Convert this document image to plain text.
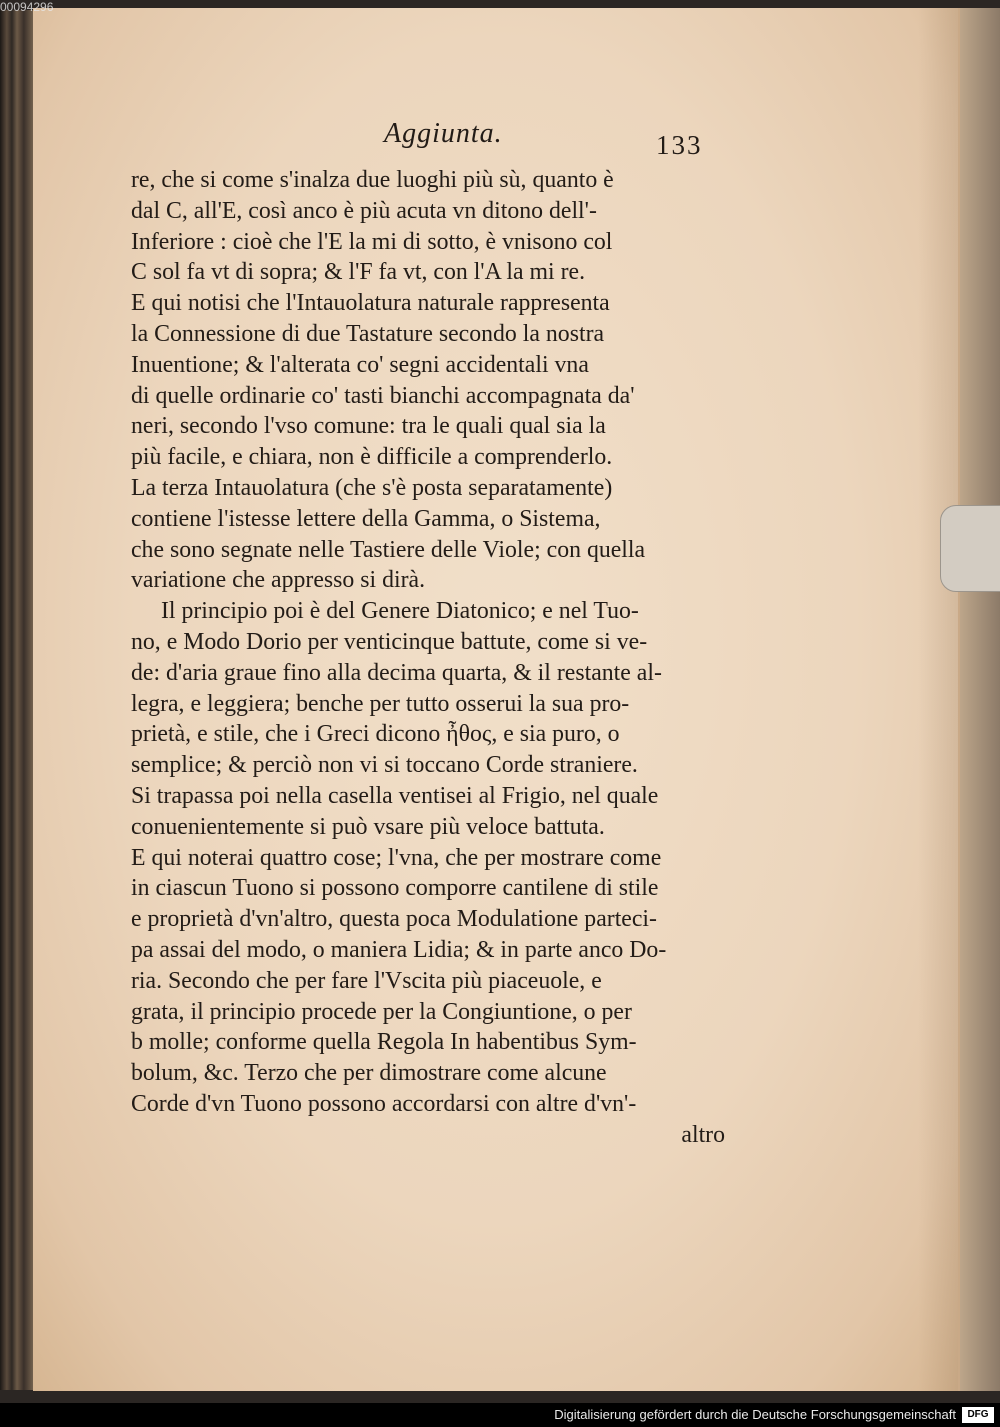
00094296
Aggiunta.	133
re, che si come s'inalza due luoghi più sù, quanto è
dal C, all'E, così anco è più acuta vn ditono dell'-
Inferiore : cioè che l'E la mi di sotto, è vnisono col
C sol fa vt di sopra; & l'F fa vt, con l'A la mi re.
E qui notisi che l'Intauolatura naturale rappresenta
la Connessione di due Tastature secondo la nostra
Inuentione; & l'alterata co' segni accidentali vna
di quelle ordinarie co' tasti bianchi accompagnata da'
neri, secondo l'vso comune: tra le quali qual sia la
più facile, e chiara, non è difficile a comprenderlo.
La terza Intauolatura (che s'è posta separatamente)
contiene l'istesse lettere della Gamma, o Sistema,
che sono segnate nelle Tastiere delle Viole; con quella
variatione che appresso si dirà.
Il principio poi è del Genere Diatonico; e nel Tuo-
no, e Modo Dorio per venticinque battute, come si ve-
de: d'aria graue fino alla decima quarta, & il restante al-
legra, e leggiera; benche per tutto osserui la sua pro-
prietà, e stile, che i Greci dicono ἦθος, e sia puro, o
semplice; & perciò non vi si toccano Corde straniere.
Si trapassa poi nella casella ventisei al Frigio, nel quale
conuenientemente si può vsare più veloce battuta.
E qui noterai quattro cose; l'vna, che per mostrare come
in ciascun Tuono si possono comporre cantilene di stile
e proprietà d'vn'altro, questa poca Modulatione parteci-
pa assai del modo, o maniera Lidia; & in parte anco Do-
ria. Secondo che per fare l'Vscita più piaceuole, e
grata, il principio procede per la Congiuntione, o per
b molle; conforme quella Regola In habentibus Sym-
bolum, &c. Terzo che per dimostrare come alcune
Corde d'vn Tuono possono accordarsi con altre d'vn'-
altro
Digitalisierung gefördert durch die Deutsche Forschungsgemeinschaft	DFG
